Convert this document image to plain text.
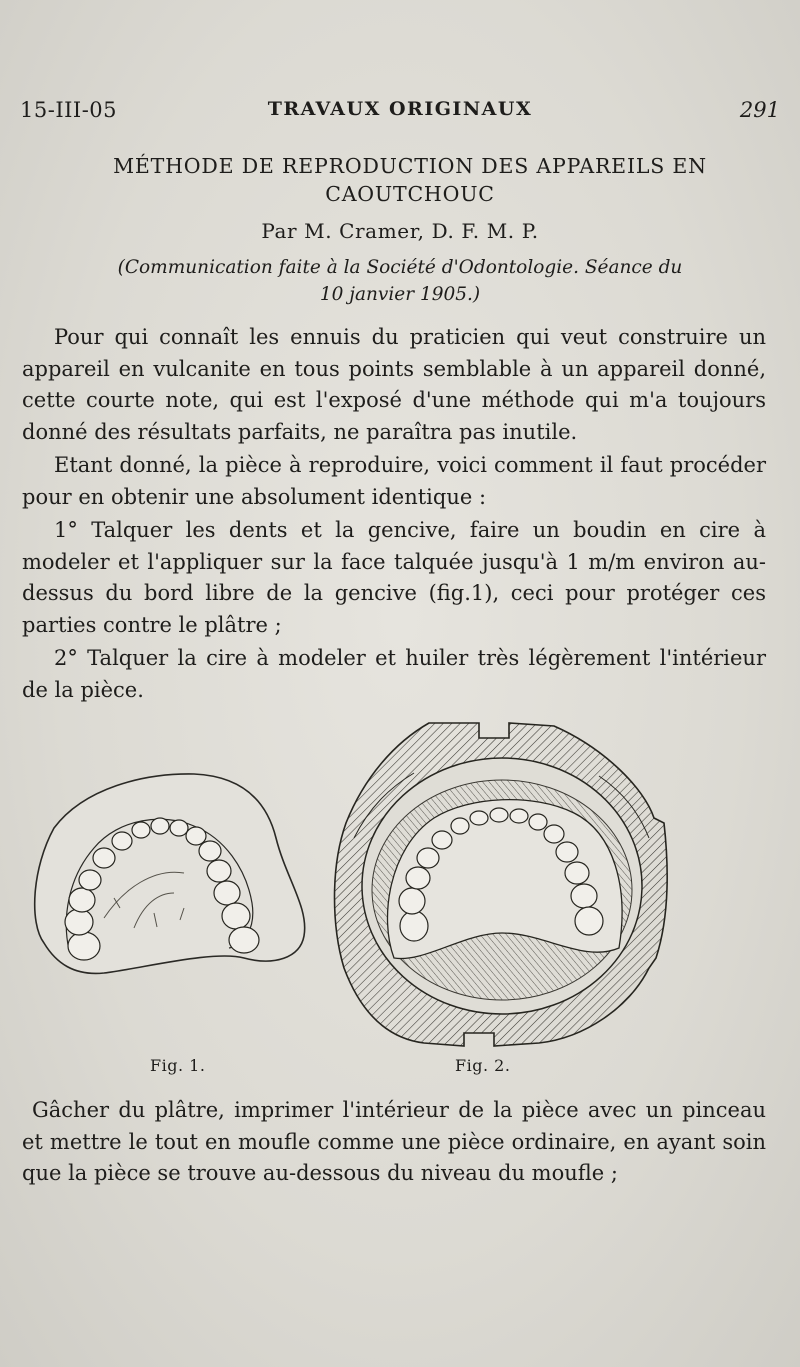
15-III-05	TRAVAUX ORIGINAUX	291
MÉTHODE DE REPRODUCTION DES APPAREILS EN
CAOUTCHOUC
Par M. Cramer, D. F. M. P.
(Communication faite à la Société d'Odontologie. Séance du
10 janvier 1905.)

Pour qui connaît les ennuis du praticien qui veut construire un appareil en vulcanite en tous points semblable à un appareil donné, cette courte note, qui est l'exposé d'une méthode qui m'a toujours donné des résultats parfaits, ne paraîtra pas inutile.

Etant donné, la pièce à reproduire, voici comment il faut procéder pour en obtenir une absolument identique :

1° Talquer les dents et la gencive, faire un boudin en cire à modeler et l'appliquer sur la face talquée jusqu'à 1 m/m environ au-dessus du bord libre de la gencive (fig.1), ceci pour protéger ces parties contre le plâtre ;

2° Talquer la cire à modeler et huiler très légèrement l'intérieur de la pièce.

Fig. 1.	Fig. 2.

Gâcher du plâtre, imprimer l'intérieur de la pièce avec un pinceau et mettre le tout en moufle comme une pièce ordinaire, en ayant soin que la pièce se trouve au-dessous du niveau du moufle ;
